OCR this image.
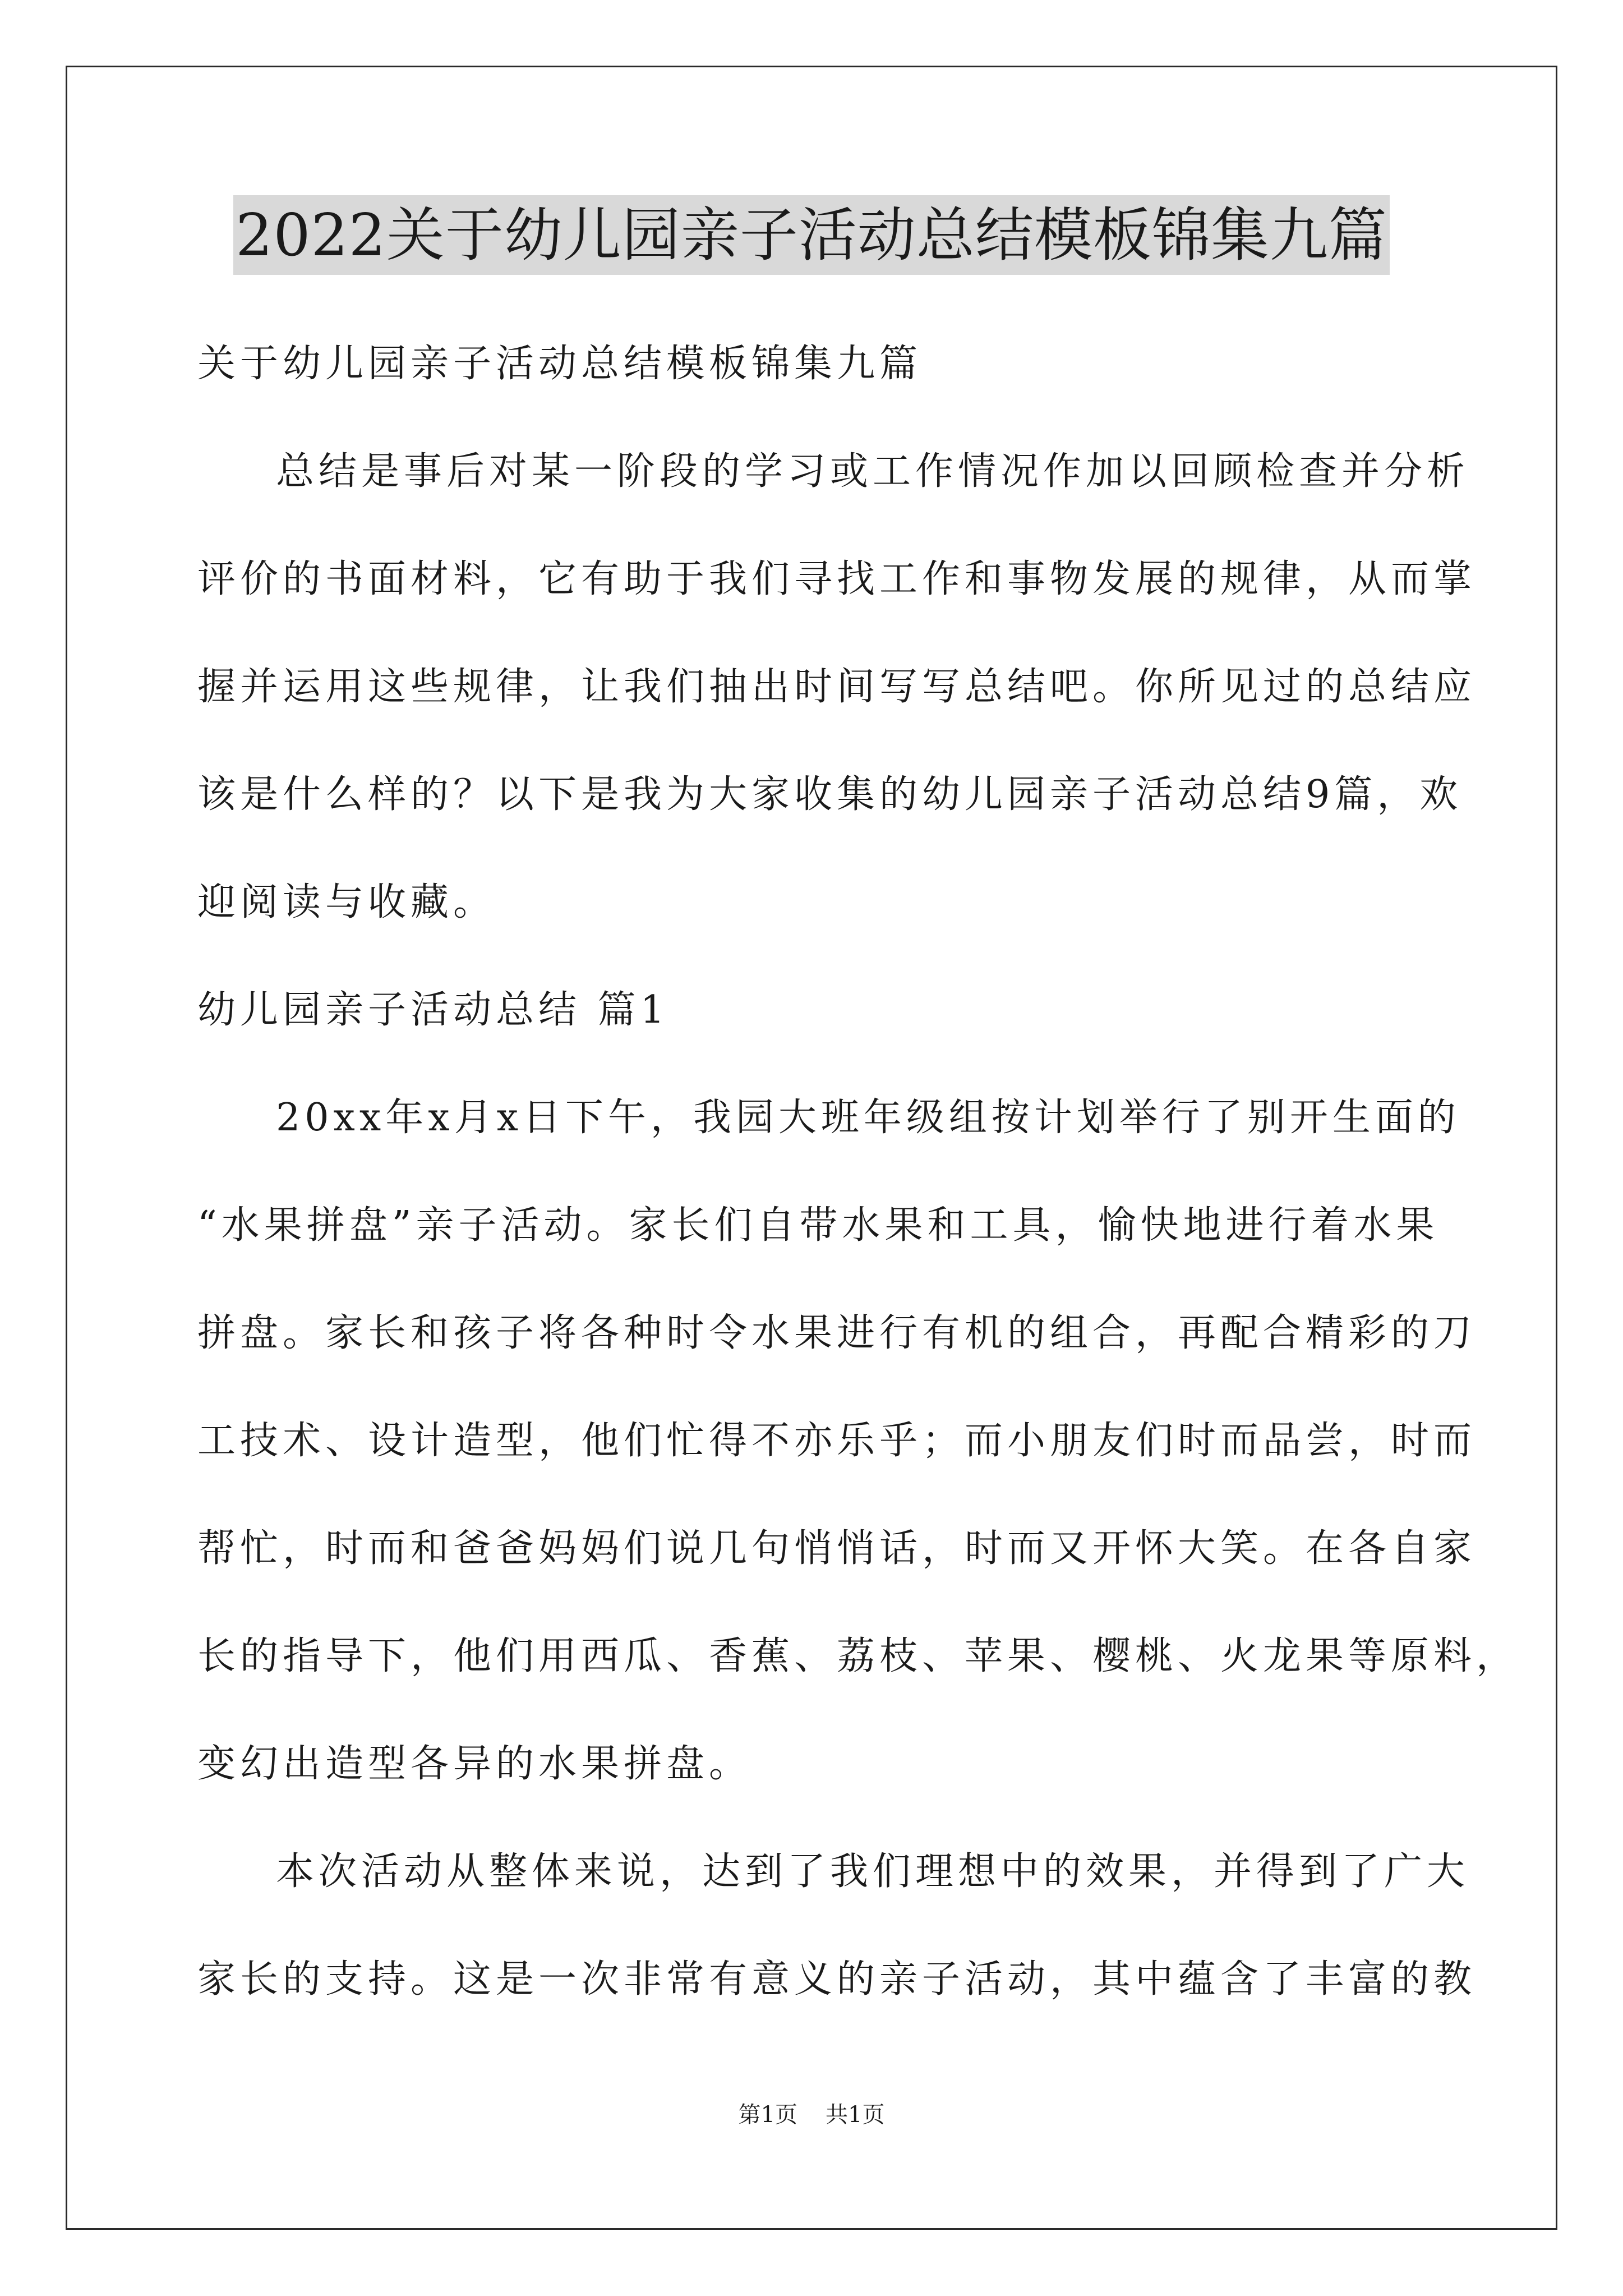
2022关于幼儿园亲子活动总结模板锦集九篇
关于幼儿园亲子活动总结模板锦集九篇
总结是事后对某一阶段的学习或工作情况作加以回顾检查并分析
评价的书面材料，它有助于我们寻找工作和事物发展的规律，从而掌
握并运用这些规律，让我们抽出时间写写总结吧。你所见过的总结应
该是什么样的？以下是我为大家收集的幼儿园亲子活动总结9篇，欢
迎阅读与收藏。
幼儿园亲子活动总结 篇1
20xx年x月x日下午，我园大班年级组按计划举行了别开生面的
“水果拼盘”亲子活动。家长们自带水果和工具，愉快地进行着水果
拼盘。家长和孩子将各种时令水果进行有机的组合，再配合精彩的刀
工技术、设计造型，他们忙得不亦乐乎；而小朋友们时而品尝，时而
帮忙，时而和爸爸妈妈们说几句悄悄话，时而又开怀大笑。在各自家
长的指导下，他们用西瓜、香蕉、荔枝、苹果、樱桃、火龙果等原料，
变幻出造型各异的水果拼盘。
本次活动从整体来说，达到了我们理想中的效果，并得到了广大
家长的支持。这是一次非常有意义的亲子活动，其中蕴含了丰富的教
第1页 共1页
